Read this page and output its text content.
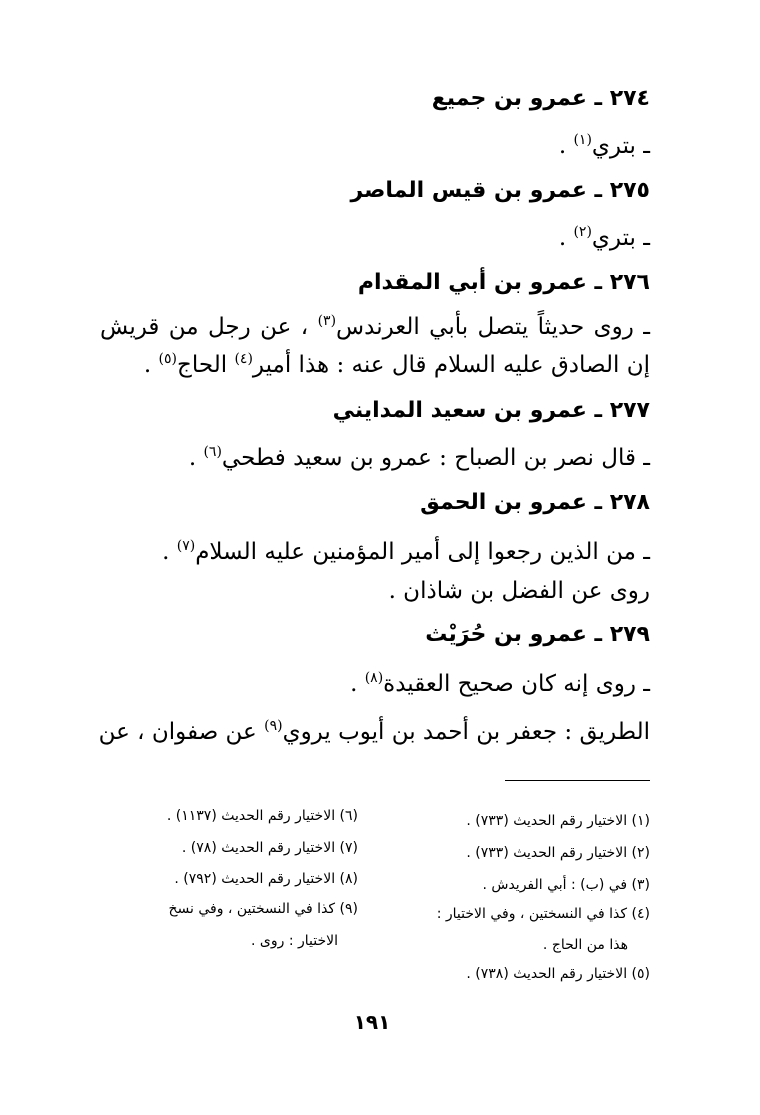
٢٧٤ ـ عمرو بن جميع
ـ بتري$^{(١)}$ .
٢٧٥ ـ عمرو بن قيس الماصر
ـ بتري$^{(٢)}$ .
٢٧٦ ـ عمرو بن أبي المقدام
ـ روى حديثاً يتصل بأبي العرندس$^{(٣)}$ ، عن رجل من قريش
إن الصادق عليه السلام قال عنه : هذا أمير$^{(٤)}$ الحاج$^{(٥)}$ .
٢٧٧ ـ عمرو بن سعيد المدايني
ـ قال نصر بن الصباح : عمرو بن سعيد فطحي$^{(٦)}$ .
٢٧٨ ـ عمرو بن الحمق
ـ من الذين رجعوا إلى أمير المؤمنين عليه السلام$^{(٧)}$ .
روى عن الفضل بن شاذان .
٢٧٩ ـ عمرو بن حُرَيْث
ـ روى إنه كان صحيح العقيدة$^{(٨)}$ .
الطريق : جعفر بن أحمد بن أيوب يروي$^{(٩)}$ عن صفوان ، عن
(١) الاختيار رقم الحديث (٧٣٣) .
(٢) الاختيار رقم الحديث (٧٣٣) .
(٣) في (ب) : أبي الفريدش .
(٤) كذا في النسختين ، وفي الاختيار :
هذا من الحاج .
(٥) الاختيار رقم الحديث (٧٣٨) .
(٦) الاختيار رقم الحديث (١١٣٧) .
(٧) الاختيار رقم الحديث (٧٨) .
(٨) الاختيار رقم الحديث (٧٩٢) .
(٩) كذا في النسختين ، وفي نسخ
الاختيار : روى .
١٩١
